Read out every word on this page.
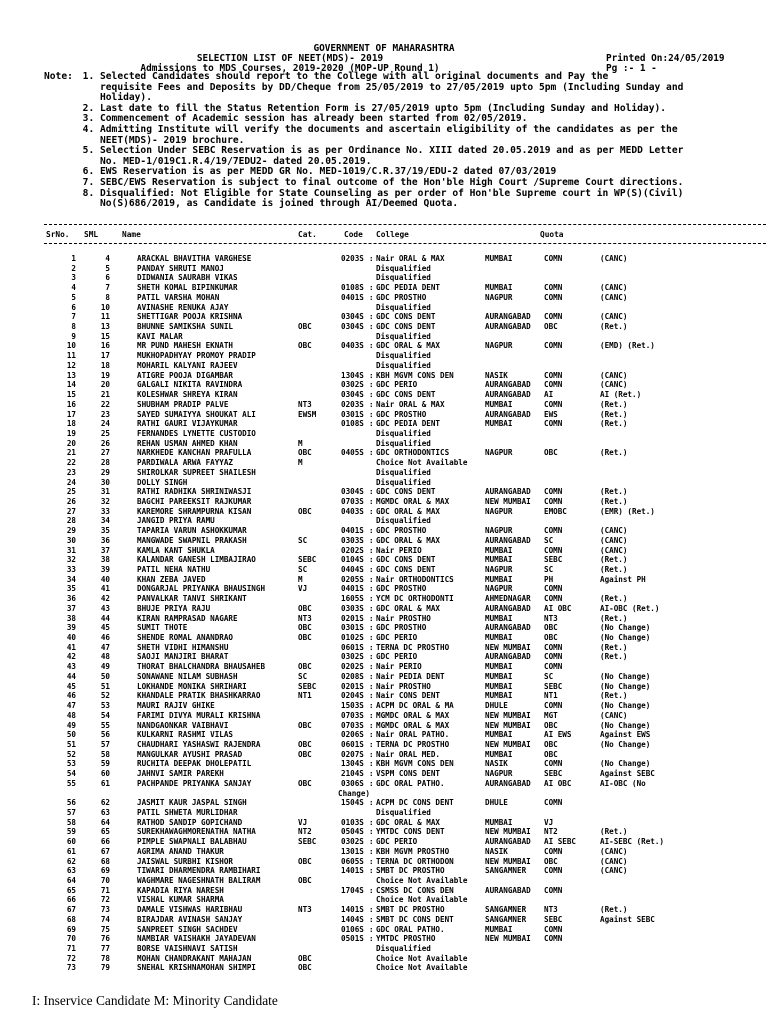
GOVERNMENT OF MAHARASHTRA
SELECTION LIST OF NEET(MDS)- 2019	Printed On:24/05/2019
Admissions to MDS Courses, 2019-2020 (MOP-UP Round 1)	Pg :- 1 -
Note:
1.	Selected Candidates should report to the College with all original documents and Pay the
requisite Fees and Deposits by DD/Cheque from 25/05/2019 to 27/05/2019 upto 5pm (Including Sunday and
Holiday).
2. Last date to fill the Status Retention Form is 27/05/2019 upto 5pm (Including Sunday and Holiday).
3. Commencement of Academic session has already been started from 02/05/2019.
4. Admitting Institute will verify the documents and ascertain eligibility of the candidates as per the
NEET(MDS)- 2019 brochure.
5. Selection Under SEBC Reservation is as per Ordinance No. XIII dated 20.05.2019 and as per MEDD Letter
No. MED-1/019C1.R.4/19/7EDU2- dated 20.05.2019.
6. EWS Reservation is as per MEDD GR No. MED-1019/C.R.37/19/EDU-2 dated 07/03/2019
7. SEBC/EWS Reservation is subject to final outcome of the Hon'ble High Court /Supreme Court directions.
8. Disqualified: Not Eligible for State Counseling as per order of Hon'ble Supreme court in WP(S)(Civil)
No(S)686/2019, as Candidate is joined through AI/Deemed Quota.
SrNo. SML	Name	Cat.	Code College	Quota
1	4	ARACKAL BHAVITHA VARGHESE	0203S : Nair ORAL & MAX	MUMBAI	COMN	(CANC)
2	5	PANDAY SHRUTI MANOJ	Disqualified
3	6	DIDWANIA SAURABH VIKAS	Disqualified
4	7	SHETH KOMAL BIPINKUMAR	0108S : GDC PEDIA DENT	MUMBAI	COMN	(CANC)
5	8	PATIL VARSHA MOHAN	0401S : GDC PROSTHO	NAGPUR	COMN	(CANC)
6	10	AVINASHE RENUKA AJAY	Disqualified
7	11	SHETTIGAR POOJA KRISHNA	0304S : GDC CONS DENT	AURANGABAD	COMN	(CANC)
8	13	BHUNNE SAMIKSHA SUNIL	OBC	0304S : GDC CONS DENT	AURANGABAD	OBC	(Ret.)
9	15	KAVI MALAR	Disqualified
10	16	MR PUND MAHESH EKNATH	OBC	0403S : GDC ORAL & MAX	NAGPUR	COMN	(EMD) (Ret.)
11	17	MUKHOPADHYAY PROMOY PRADIP	Disqualified
12	18	MOHARIL KALYANI RAJEEV	Disqualified
13	19	ATIGRE POOJA DIGAMBAR	1304S : KBH MGVM CONS DEN	NASIK	COMN	(CANC)
14	20	GALGALI NIKITA RAVINDRA	0302S : GDC PERIO	AURANGABAD	COMN	(CANC)
15	21	KOLESHWAR SHREYA KIRAN	0304S : GDC CONS DENT	AURANGABAD	AI	AI (Ret.)
16	22	SHUBHAM PRADIP PALVE	NT3	0203S : Nair ORAL & MAX	MUMBAI	COMN	(Ret.)
17	23	SAYED SUMAIYYA SHOUKAT ALI	EWSM	0301S : GDC PROSTHO	AURANGABAD	EWS	(Ret.)
18	24	RATHI GAURI VIJAYKUMAR	0108S : GDC PEDIA DENT	MUMBAI	COMN	(Ret.)
19	25	FERNANDES LYNETTE CUSTODIO	Disqualified
20	26	REHAN USMAN AHMED KHAN	M	Disqualified
21	27	NARKHEDE KANCHAN PRAFULLA	OBC	0405S : GDC ORTHODONTICS	NAGPUR	OBC	(Ret.)
22	28	PARDIWALA ARWA FAYYAZ	M	Choice Not Available
23	29	SHIROLKAR SUPREET SHAILESH	Disqualified
24	30	DOLLY SINGH	Disqualified
25	31	RATHI RADHIKA SHRINIWASJI	0304S : GDC CONS DENT	AURANGABAD	COMN	(Ret.)
26	32	BAGCHI PAREEKSIT RAJKUMAR	0703S : MGMDC ORAL & MAX	NEW MUMBAI	COMN	(Ret.)
27	33	KAREMORE SHRAMPURNA KISAN	OBC	0403S : GDC ORAL & MAX	NAGPUR	EMOBC	(EMR) (Ret.)
28	34	JANGID PRIYA RAMU	Disqualified
29	35	TAPARIA VARUN ASHOKKUMAR	0401S : GDC PROSTHO	NAGPUR	COMN	(CANC)
30	36	MANGWADE SWAPNIL PRAKASH	SC	0303S : GDC ORAL & MAX	AURANGABAD	SC	(CANC)
31	37	KAMLA KANT SHUKLA	0202S : Nair PERIO	MUMBAI	COMN	(CANC)
32	38	KALANDAR GANESH LIMBAJIRAO	SEBC	0104S : GDC CONS DENT	MUMBAI	SEBC	(Ret.)
33	39	PATIL NEHA NATHU	SC	0404S : GDC CONS DENT	NAGPUR	SC	(Ret.)
34	40	KHAN ZEBA JAVED	M	0205S : Nair ORTHODONTICS	MUMBAI	PH	Against PH
35	41	DONGARJAL PRIYANKA BHAUSINGH	VJ	0401S : GDC PROSTHO	NAGPUR	COMN
36	42	PANVALKAR TANVI SHRIKANT	1605S : YCM DC ORTHODONTI	AHMEDNAGAR	COMN	(Ret.)
37	43	BHUJE PRIYA RAJU	OBC	0303S : GDC ORAL & MAX	AURANGABAD	AI OBC	AI-OBC (Ret.)
38	44	KIRAN RAMPRASAD NAGARE	NT3	0201S : Nair PROSTHO	MUMBAI	NT3	(Ret.)
39	45	SUMIT THOTE	OBC	0301S : GDC PROSTHO	AURANGABAD	OBC	(No Change)
40	46	SHENDE ROMAL ANANDRAO	OBC	0102S : GDC PERIO	MUMBAI	OBC	(No Change)
41	47	SHETH VIDHI HIMANSHU	0601S : TERNA DC PROSTHO	NEW MUMBAI	COMN	(Ret.)
42	48	SAOJI MANJIRI BHARAT	0302S : GDC PERIO	AURANGABAD	COMN	(Ret.)
43	49	THORAT BHALCHANDRA BHAUSAHEB	OBC	0202S : Nair PERIO	MUMBAI	COMN
44	50	SONAWANE NILAM SUBHASH	SC	0208S : Nair PEDIA DENT	MUMBAI	SC	(No Change)
45	51	LOKHANDE MONIKA SHRIHARI	SEBC	0201S : Nair PROSTHO	MUMBAI	SEBC	(No Change)
46	52	KHANDALE PRATIK BHASHKARRAO	NT1	0204S : Nair CONS DENT	MUMBAI	NT1	(Ret.)
47	53	MAURI RAJIV GHIKE	1503S : ACPM DC ORAL & MA	DHULE	COMN	(No Change)
48	54	FARIMI DIVYA MURALI KRISHNA	0703S : MGMDC ORAL & MAX	NEW MUMBAI	MGT	(CANC)
49	55	NANDGAONKAR VAIBHAVI	OBC	0703S : MGMDC ORAL & MAX	NEW MUMBAI	OBC	(No Change)
50	56	KULKARNI RASHMI VILAS	0206S : Nair ORAL PATHO.	MUMBAI	AI EWS	Against EWS
51	57	CHAUDHARI YASHASWI RAJENDRA	OBC	0601S : TERNA DC PROSTHO	NEW MUMBAI	OBC	(No Change)
52	58	MANGULKAR AYUSHI PRASAD	OBC	0207S : Nair ORAL MED.	MUMBAI	OBC
53	59	RUCHITA DEEPAK DHOLEPATIL	1304S : KBH MGVM CONS DEN	NASIK	COMN	(No Change)
54	60	JAHNVI SAMIR PAREKH	2104S : VSPM CONS DENT	NAGPUR	SEBC	Against SEBC
55	61	PACHPANDE PRIYANKA SANJAY	OBC	0306S : GDC ORAL PATHO.	AURANGABAD	AI OBC	AI-OBC (No
Change)
56	62	JASMIT KAUR JASPAL SINGH	1504S : ACPM DC CONS DENT	DHULE	COMN
57	63	PATIL SHWETA MURLIDHAR	Disqualified
58	64	RATHOD SANDIP GOPICHAND	VJ	0103S : GDC ORAL & MAX	MUMBAI	VJ
59	65	SUREKHAWAGHMORENATHA NATHA	NT2	0504S : YMTDC CONS DENT	NEW MUMBAI	NT2	(Ret.)
60	66	PIMPLE SWAPNALI BALABHAU	SEBC	0302S : GDC PERIO	AURANGABAD	AI SEBC	AI-SEBC (Ret.)
61	67	AGRIMA ANAND THAKUR	1301S : KBH MGVM PROSTHO	NASIK	COMN	(CANC)
62	68	JAISWAL SURBHI KISHOR	OBC	0605S : TERNA DC ORTHODON	NEW MUMBAI	OBC	(CANC)
63	69	TIWARI DHARMENDRA RAMBIHARI	1401S : SMBT DC PROSTHO	SANGAMNER	COMN	(CANC)
64	70	WAGHMARE NAGESHNATH BALIRAM	OBC	Choice Not Available
65	71	KAPADIA RIYA NARESH	1704S : CSMSS DC CONS DEN	AURANGABAD	COMN
66	72	VISHAL KUMAR SHARMA	Choice Not Available
67	73	DAMALE VISHWAS HARIBHAU	NT3	1401S : SMBT DC PROSTHO	SANGAMNER	NT3	(Ret.)
68	74	BIRAJDAR AVINASH SANJAY	1404S : SMBT DC CONS DENT	SANGAMNER	SEBC	Against SEBC
69	75	SANPREET SINGH SACHDEV	0106S : GDC ORAL PATHO.	MUMBAI	COMN
70	76	NAMBIAR VAISHAKH JAYADEVAN	0501S : YMTDC PROSTHO	NEW MUMBAI	COMN
71	77	BORSE VAISHNAVI SATISH	Disqualified
72	78	MOHAN CHANDRAKANT MAHAJAN	OBC	Choice Not Available
73	79	SNEHAL KRISHNAMOHAN SHIMPI	OBC	Choice Not Available
I: Inservice Candidate M: Minority Candidate
